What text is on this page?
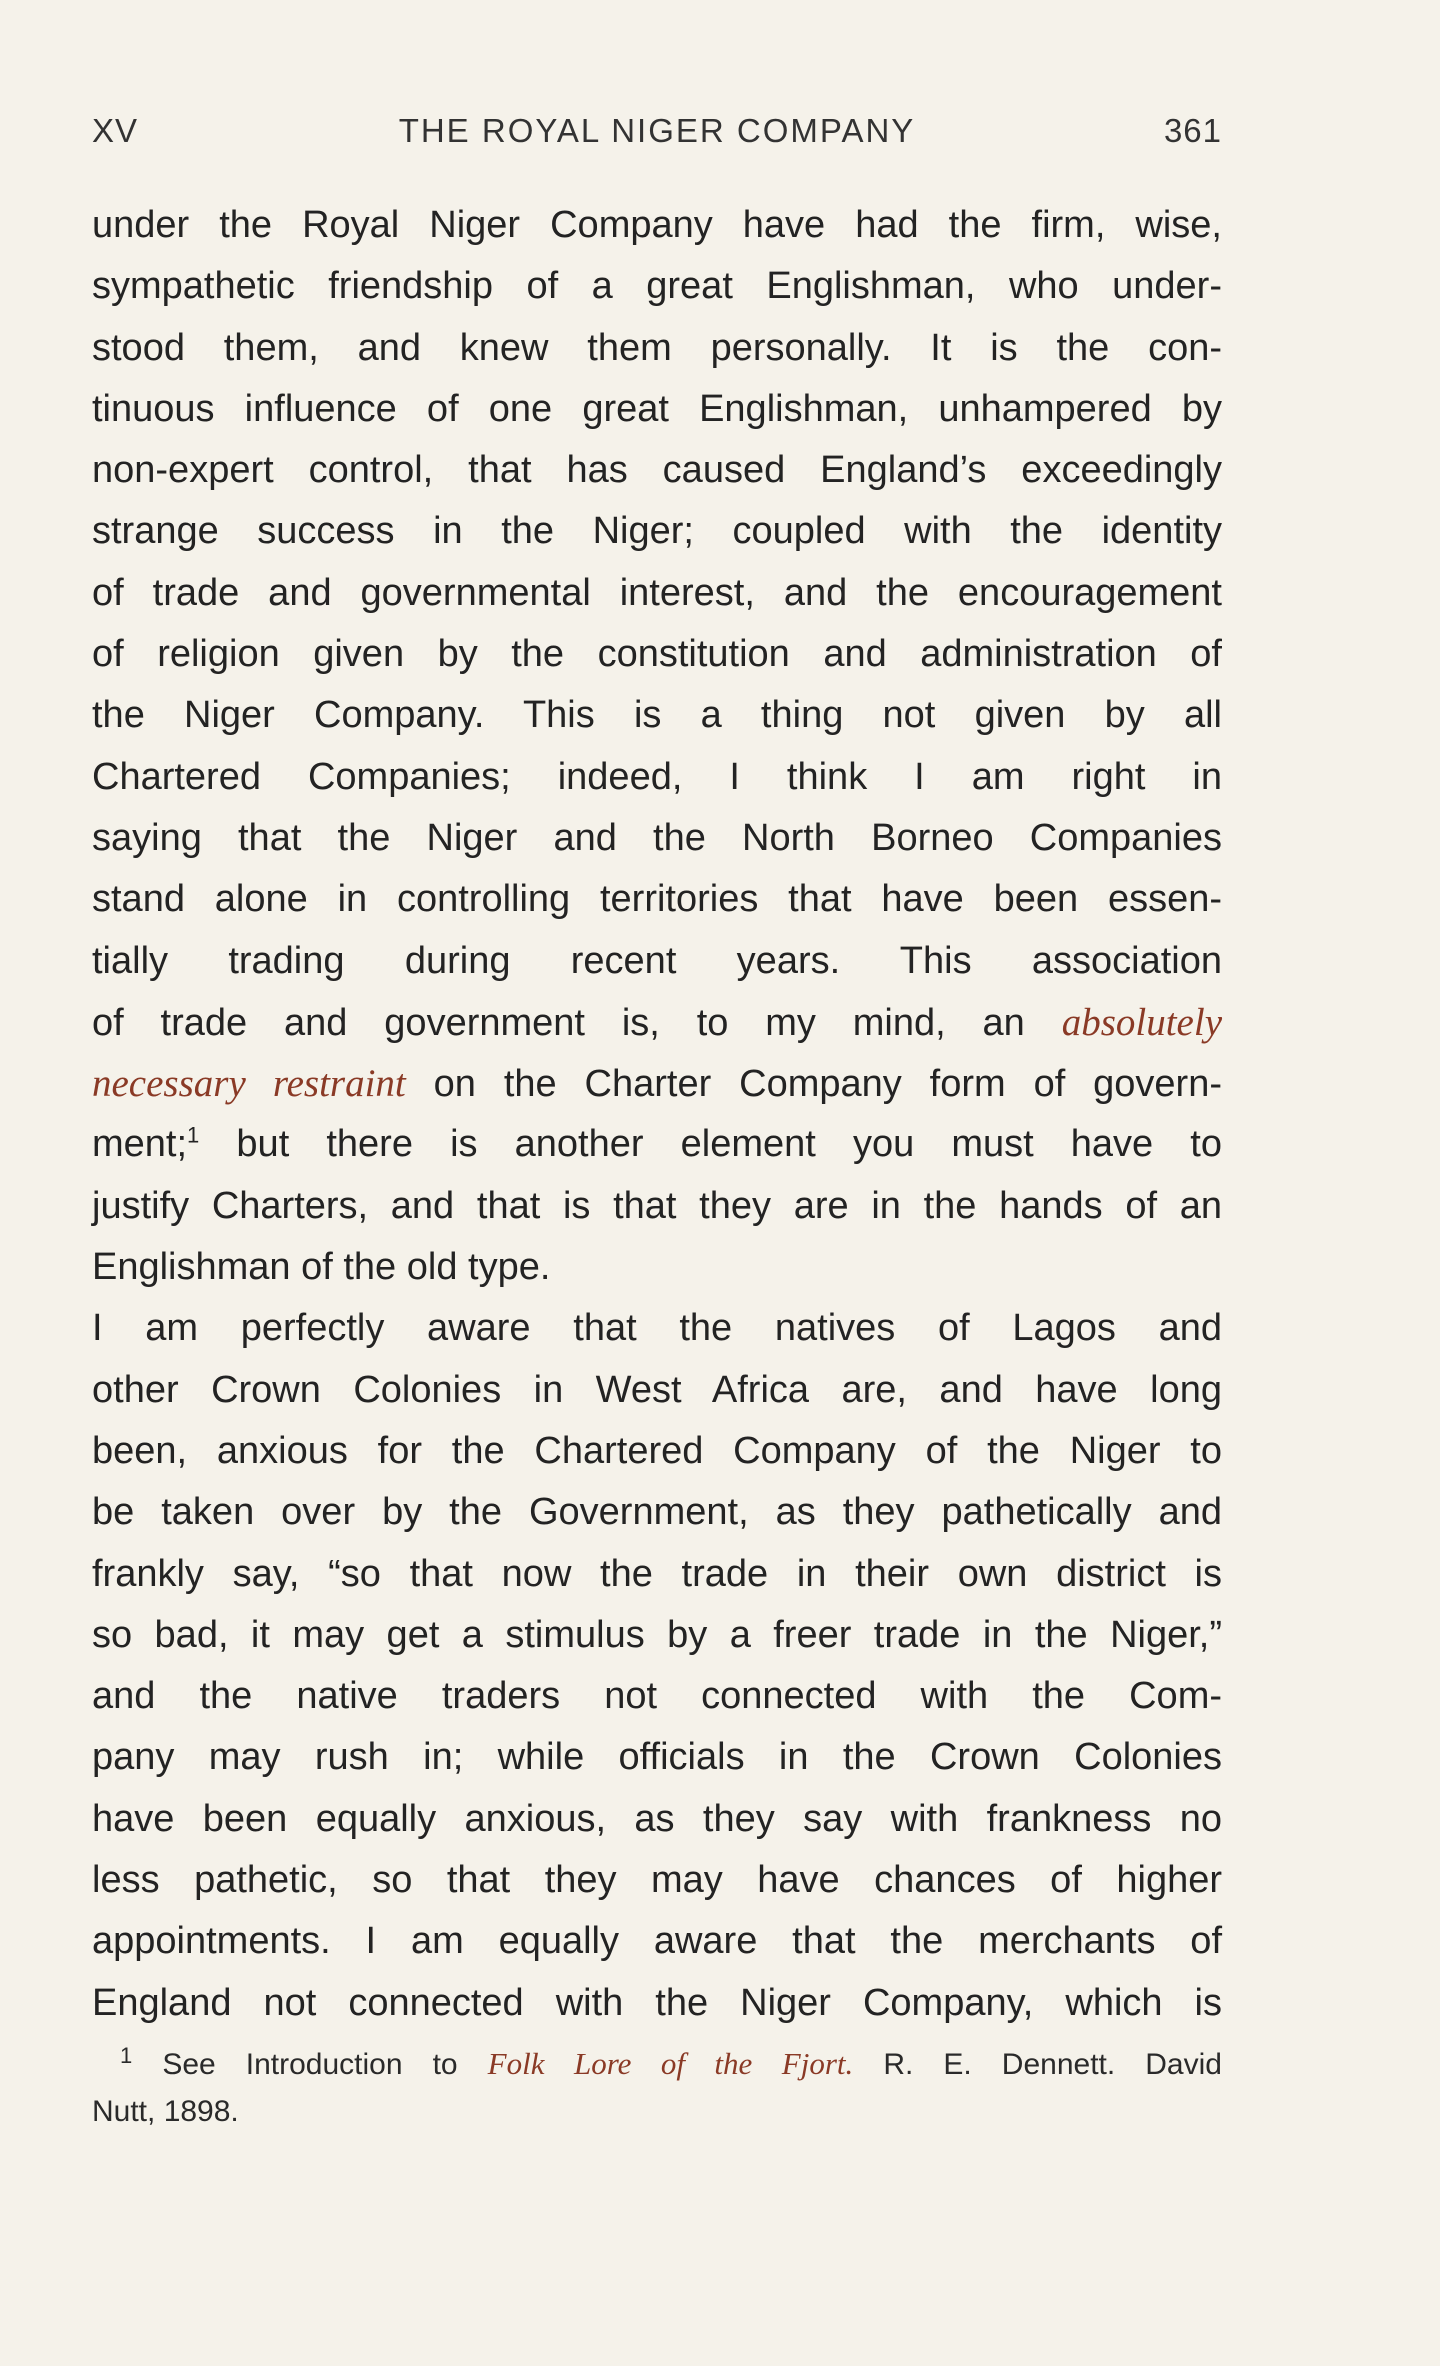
XV	THE ROYAL NIGER COMPANY	361
under the Royal Niger Company have had the firm, wise,
sympathetic friendship of a great Englishman, who under-
stood them, and knew them personally. It is the con-
tinuous influence of one great Englishman, unhampered by
non-expert control, that has caused England’s exceedingly
strange success in the Niger; coupled with the identity
of trade and governmental interest, and the encouragement
of religion given by the constitution and administration of
the Niger Company. This is a thing not given by all
Chartered Companies; indeed, I think I am right in
saying that the Niger and the North Borneo Companies
stand alone in controlling territories that have been essen-
tially trading during recent years. This association
of trade and government is, to my mind, an absolutely
necessary restraint on the Charter Company form of govern-
ment;$^1$ but there is another element you must have to
justify Charters, and that is that they are in the hands of an
Englishman of the old type.
I am perfectly aware that the natives of Lagos and
other Crown Colonies in West Africa are, and have long
been, anxious for the Chartered Company of the Niger to
be taken over by the Government, as they pathetically and
frankly say, “so that now the trade in their own district is
so bad, it may get a stimulus by a freer trade in the Niger,”
and the native traders not connected with the Com-
pany may rush in; while officials in the Crown Colonies
have been equally anxious, as they say with frankness no
less pathetic, so that they may have chances of higher
appointments. I am equally aware that the merchants of
England not connected with the Niger Company, which is
$^1$ See Introduction to Folk Lore of the Fjort. R. E. Dennett. David
Nutt, 1898.
